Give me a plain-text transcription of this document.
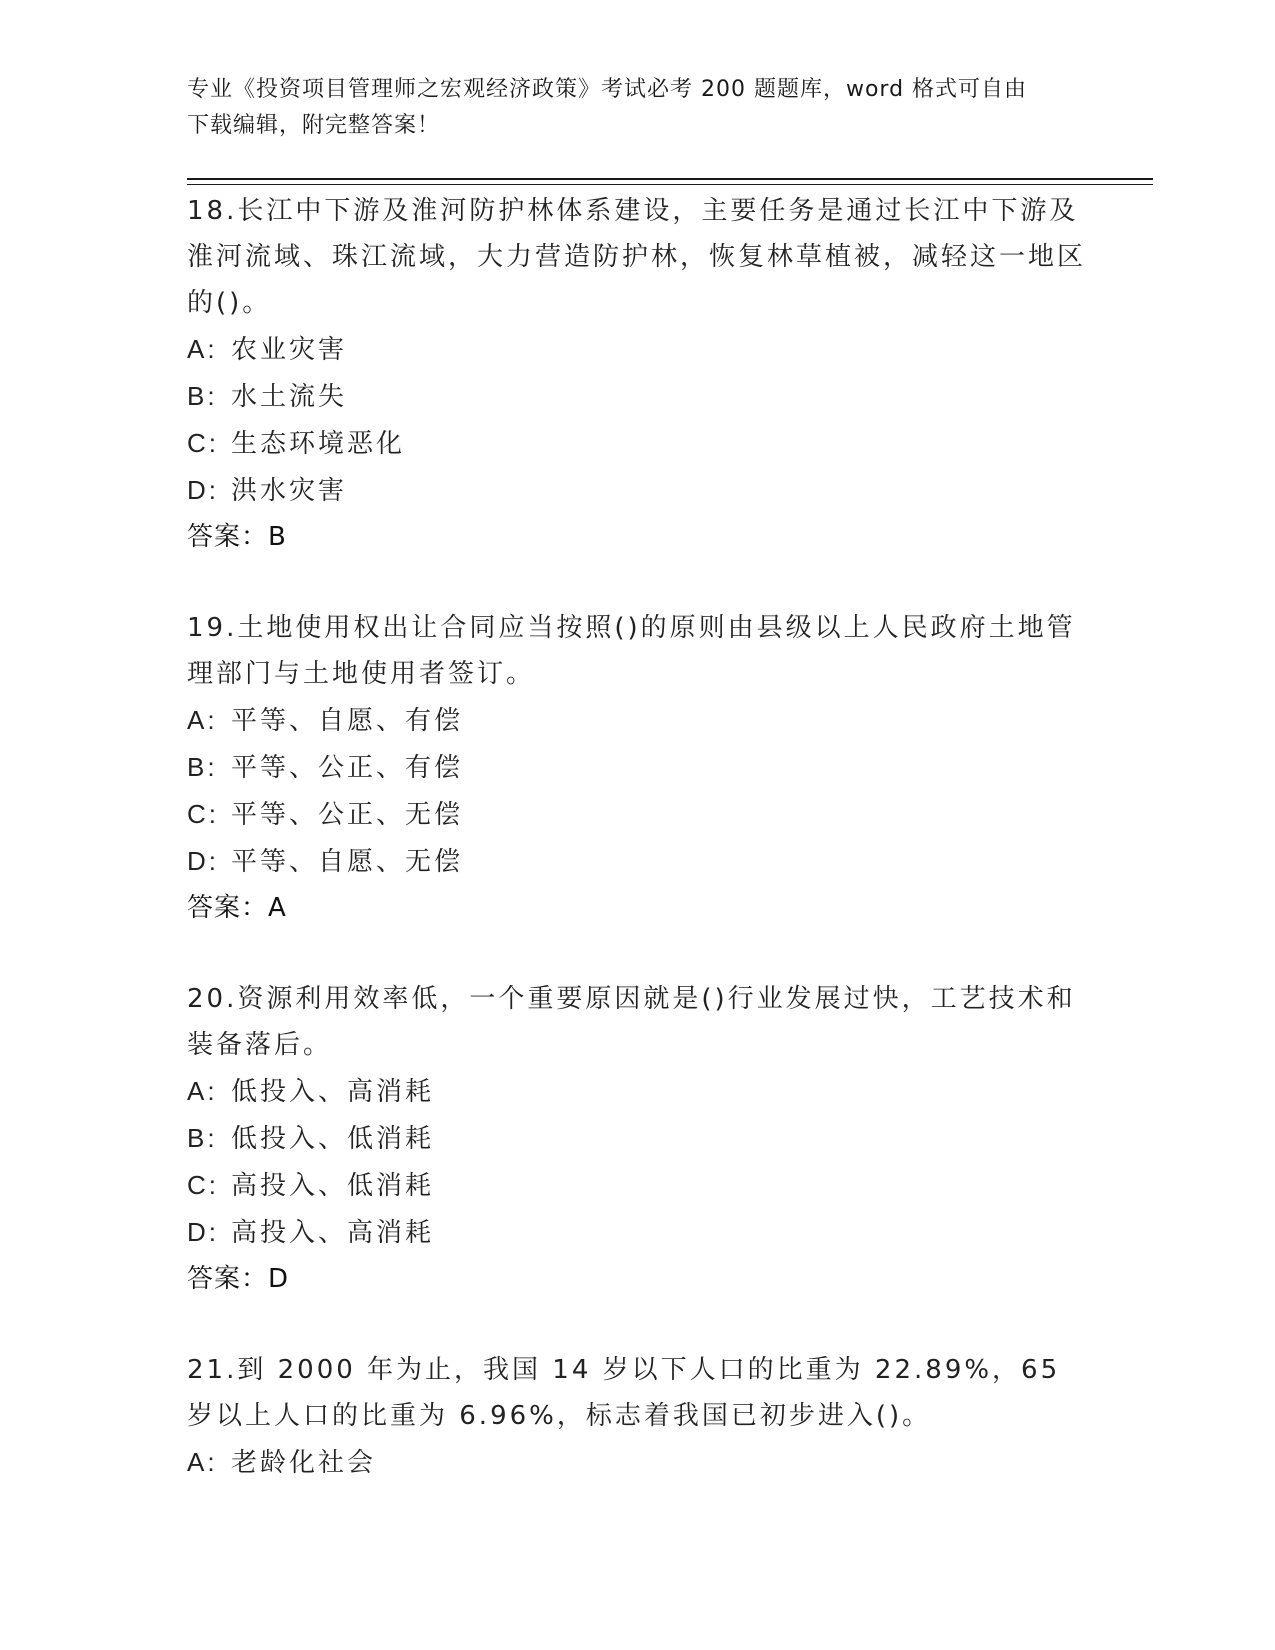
专业《投资项目管理师之宏观经济政策》考试必考 200 题题库，word 格式可自由
下载编辑，附完整答案！

18.长江中下游及淮河防护林体系建设，主要任务是通过长江中下游及淮河流域、珠江流域，大力营造防护林，恢复林草植被，减轻这一地区的()。

A: 农业灾害

B: 水土流失

C: 生态环境恶化

D: 洪水灾害

答案：B

19.土地使用权出让合同应当按照()的原则由县级以上人民政府土地管理部门与土地使用者签订。

A: 平等、自愿、有偿

B: 平等、公正、有偿

C: 平等、公正、无偿

D: 平等、自愿、无偿

答案：A

20.资源利用效率低，一个重要原因就是()行业发展过快，工艺技术和装备落后。

A: 低投入、高消耗

B: 低投入、低消耗

C: 高投入、低消耗

D: 高投入、高消耗

答案：D

21.到 2000 年为止，我国 14 岁以下人口的比重为 22.89%，65 岁以上人口的比重为 6.96%，标志着我国已初步进入()。

A: 老龄化社会
